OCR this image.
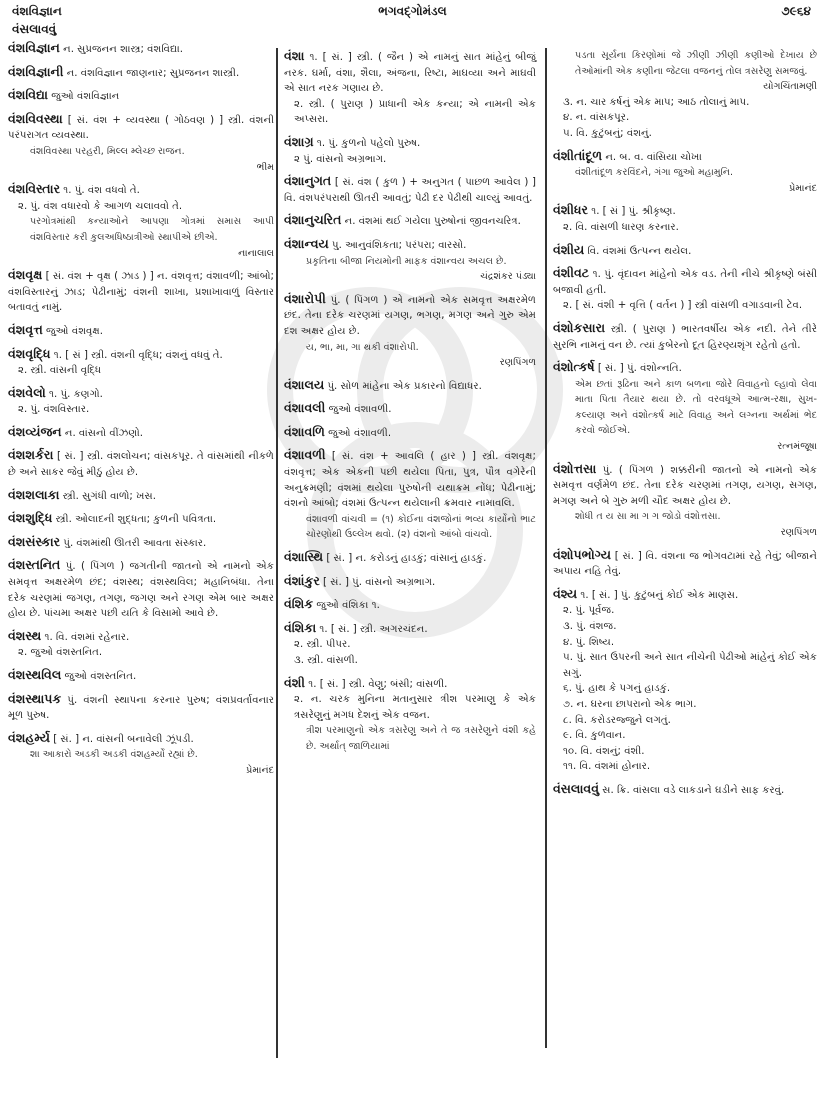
વંશવિજ્ઞાન	ભગવદ્ગોમંડલ	૭૯૬૪
વંસલાવવું
વંશવિજ્ઞાન ન. સુપ્રજનન શાસ્ત્ર; વંશવિદ્યા.
વંશવિજ્ઞાની ન. વંશવિજ્ઞાન જાણનાર; સુપ્રજનન શાસ્ત્રી.
વંશવિદ્યા જુઓ વંશવિજ્ઞાન
વંશવિવસ્થા [ સં. વંશ + વ્યવસ્થા ( ગોઠવણ ) ] સ્ત્રી. વંશની પરંપરાગત વ્યવસ્થા.
વંશવિવસ્થા પરહરી, મિલ્લ મ્લેચ્છ રાજન.
ભીમ
વંશવિસ્તાર ૧. પું. વંશ વધવો તે.
૨. પું. વંશ વધારવો કે આગળ ચલાવવો તે.
પરગોત્રમાંથી કન્યાઓને આપણા ગોત્રમાં સમાસ આપી વંશવિસ્તાર કરી કુલઅધિષ્ઠાત્રીઓ સ્થાપીએ છીએ.
નાનાલાલ
વંશવૃક્ષ [ સં. વંશ + વૃક્ષ ( ઝાડ ) ] ન. વંશવૃત્ત; વંશાવળી; આંબો; વંશવિસ્તારનું ઝાડ; પેઢીનામું; વંશની શાખા, પ્રશાખાવાળું વિસ્તાર બતાવતું નામું.
વંશવૃત્ત જુઓ વંશવૃક્ષ.
વંશવૃદ્ધિ ૧. [ સં ] સ્ત્રી. વંશની વૃદ્ધિ; વંશનું વધવું તે.
૨. સ્ત્રી. વાંસની વૃદ્ધિ
વંશવેલો ૧. પું. કણગો.
૨. પું. વંશવિસ્તાર.
વંશવ્યંજન ન. વાંસનો વીંઝણો.
વંશશર્કરા [ સં. ] સ્ત્રી. વંશલોચન; વાંસકપૂર. તે વાંસમાંથી નીકળે છે અને સાકર જેવું મીઠું હોય છે.
વંશશલાકા સ્ત્રી. સુગંધી વાળો; ખસ.
વંશશુદ્ધિ સ્ત્રી. ઓલાદની શુદ્ધતા; કુળની પવિત્રતા.
વંશસંસ્કાર પું. વંશમાંથી ઊતરી આવતા સંસ્કાર.
વંશસ્તનિત પું. ( પિંગળ ) જગતીની જાતનો એ નામનો એક સમવૃત્ત અક્ષરમેળ છંદ; વંશસ્થ; વંશસ્થવિલ; મહાનિબંધા. તેના દરેક ચરણમાં જગણ, તગણ, જગણ અને રગણ એમ બાર અક્ષર હોય છે. પાંચમા અક્ષર પછી યતિ કે વિસામો આવે છે.
વંશસ્થ ૧. વિ. વંશમાં રહેનાર.
૨. જુઓ વંશસ્તનિત.
વંશસ્થવિલ જુઓ વંશસ્તનિત.
વંશસ્થાપક પું. વંશની સ્થાપના કરનાર પુરુષ; વંશપ્રવર્તાવનાર મૂળ પુરુષ.
વંશહર્મ્ય [ સં. ] ન. વાંસની બનાવેલી ઝૂંપડી.
શા આકારો અડકી અડકી વંશહર્મ્યો રહ્યાં છે.
પ્રેમાનંદ
વંશા ૧. [ સં. ] સ્ત્રી. ( જૈન ) એ નામનું સાત માંહેનું બીજું નરક. ઘર્મા, વંશા, શૈલા, અંજના, રિષ્ટા, માઘવ્યા અને માઘવી એ સાત નરક ગણાય છે.
૨. સ્ત્રી. ( પુરાણ ) પ્રાધાની એક કન્યા; એ નામની એક અપ્સરા.
વંશાગ્ર ૧. પું. કુળનો પહેલો પુરુષ.
૨ પું. વાંસનો અગ્રભાગ.
વંશાનુગત [ સં. વંશ ( કુળ ) + અનુગત ( પાછળ આવેલ ) ] વિ. વંશપરંપરાથી ઊતરી આવતું; પેઢી દર પેઢીથી ચાલ્યું આવતું.
વંશાનુચરિત ન. વંશમાં થઈ ગયેલા પુરુષોનાં જીવનચરિત્ર.
વંશાન્વય પુ. આનુવંશિકતા; પરંપરા; વારસો.
પ્રકૃતિના બીજા નિયમોની માફક વંશાન્વય અચલ છે.
ચંદ્રશંકર પંડ્યા
વંશારોપી પું. ( પિંગળ ) એ નામનો એક સમવૃત્ત અક્ષરમેળ છંદ. તેના દરેક ચરણમાં યગણ, ભગણ, મગણ અને ગુરુ એમ દશ અક્ષર હોય છે.
ય, ભા, મા, ગા થકી વંશારોપી.
રણપિંગળ
વંશાલય પું. સોળ માંહેના એક પ્રકારનો વિદ્યાધર.
વંશાવલી જુઓ વંશાવળી.
વંશાવળિ જુઓ વંશાવળી.
વંશાવળી [ સં. વંશ + આવલિ ( હાર ) ] સ્ત્રી. વંશવૃક્ષ; વંશવૃત્ત; એક એકની પછી થયેલા પિતા, પુત્ર, પૌત્ર વગેરેની અનુક્રમણી; વંશમાં થયેલા પુરુષોની યથાક્રમ નોંધ; પેઢીનામું; વંશનો આંબો; વંશમાં ઉત્પન્ન થયેલાની ક્રમવાર નામાવલિ.
વંશાવળી વાંચવી = (૧) કોઈના વંશજોનાં ભવ્ય કાર્યોનો ભાટ ચોરણોથી ઉલ્લેખ થવો. (૨) વંશનો આંબો વાંચવો.
વંશાસ્થિ [ સં. ] ન. કરોડનું હાડકું; વાંસાનું હાડકું.
વંશાંકુર [ સં. ] પું. વાંસનો અગ્રભાગ.
વંશિક જુઓ વંશિકા ૧.
વંશિકા ૧. [ સં. ] સ્ત્રી. અગરચંદન.
૨. સ્ત્રી. પીપર.
૩. સ્ત્રી. વાંસળી.
વંશી ૧. [ સં. ] સ્ત્રી. વેણુ; બંસી; વાંસળી.
૨. ન. ચરક મુનિના મતાનુસાર ત્રીશ પરમાણુ કે એક ત્રસરેણુનું મગધ દેશનું એક વજન.
ત્રીશ પરમાણુનો એક ત્રસરેણુ અને તે જ ત્રસરેણુને વંશી કહે છે. અર્થાત્ જાળિયામાં
પડતા સૂર્યના કિરણોમાં જે ઝીણી ઝીણી કણીઓ દેખાય છે તેઓમાંની એક કણીના જેટલા વજનનું તોલ ત્રસરેણુ સમજવું.
યોગચિંતામણી
૩. ન. ચાર કર્ષનું એક માપ; આઠ તોલાનું માપ.
૪. ન. વાંસકપૂર.
૫. વિ. કુટુંબનું; વંશનું.
વંશીતાંદૂળ ન. બ. વ. વાંસિયા ચોખા
વંશીતાંદૂળ કરવિંદને, ગંગા જુઓ મહામુનિ.
પ્રેમાનંદ
વંશીધર ૧. [ સં ] પું. શ્રીકૃષ્ણ.
૨. વિ. વાંસળી ધારણ કરનાર.
વંશીય વિ. વંશમાં ઉત્પન્ન થયેલ.
વંશીવટ ૧. પું. વૃંદાવન માંહેનો એક વડ. તેની નીચે શ્રીકૃષ્ણે બંસી બજાવી હતી.
૨. [ સં. વંશી + વૃત્તિ ( વર્તન ) ] સ્ત્રી વાંસળી વગાડવાની ટેવ.
વંશોકસારા સ્ત્રી. ( પુરાણ ) ભારતવર્ષીય એક નદી. તેને તીરે સુરભિ નામનું વન છે. ત્યાં કુબેરનો દૂત હિરણ્યશૃંગ રહેતો હતો.
વંશોત્કર્ષ [ સં. ] પું. વંશોન્નતિ.
એમ છતાં રૂઢિના અને કાળ બળના જોરે વિવાહનો લ્હાવો લેવા માતા પિતા તૈયાર થયા છે. તો વરવધૂએ આત્મ-રક્ષા, સુખ-કલ્યાણ અને વંશોત્કર્ષ માટે વિવાહ અને લગ્નના અર્થમાં ભેદ કરવો જોઈએ.
રત્નમંજૂષા
વંશોત્તસા પું. ( પિંગળ ) શક્કરીની જાતનો એ નામનો એક સમવૃત્ત વર્ણમેળ છંદ. તેના દરેક ચરણમાં તગણ, યગણ, સગણ, મગણ અને બે ગુરુ મળી ચૌદ અક્ષર હોય છે.
શોધી ત ય સા મા ગ ગ જોડો વંશોત્તસા.
રણપિંગળ
વંશોપભોગ્ય [ સં. ] વિ. વંશના જ ભોગવટામાં રહે તેવું; બીજાને અપાય નહિ તેવું.
વંશ્ય ૧. [ સં. ] પું. કુટુંબનું કોઈ એક માણસ.
૨. પું. પૂર્વજ.
૩. પું. વંશજ.
૪. પું. શિષ્ય.
૫. પું. સાત ઉપરની અને સાત નીચેની પેઢીઓ માંહેનું કોઈ એક સગું.
૬. પું. હાથ કે પગનું હાડકું.
૭. ન. ઘરના છાપરાનો એક ભાગ.
૮. વિ. કરોડરજ્જુને લગતું.
૯. વિ. કુળવાન.
૧૦. વિ. વંશનું; વંશી.
૧૧. વિ. વંશમાં હોનાર.
વંસલાવવું સ. ક્રિ. વાંસલા વડે લાકડાને ઘડીને સાફ કરવું.
